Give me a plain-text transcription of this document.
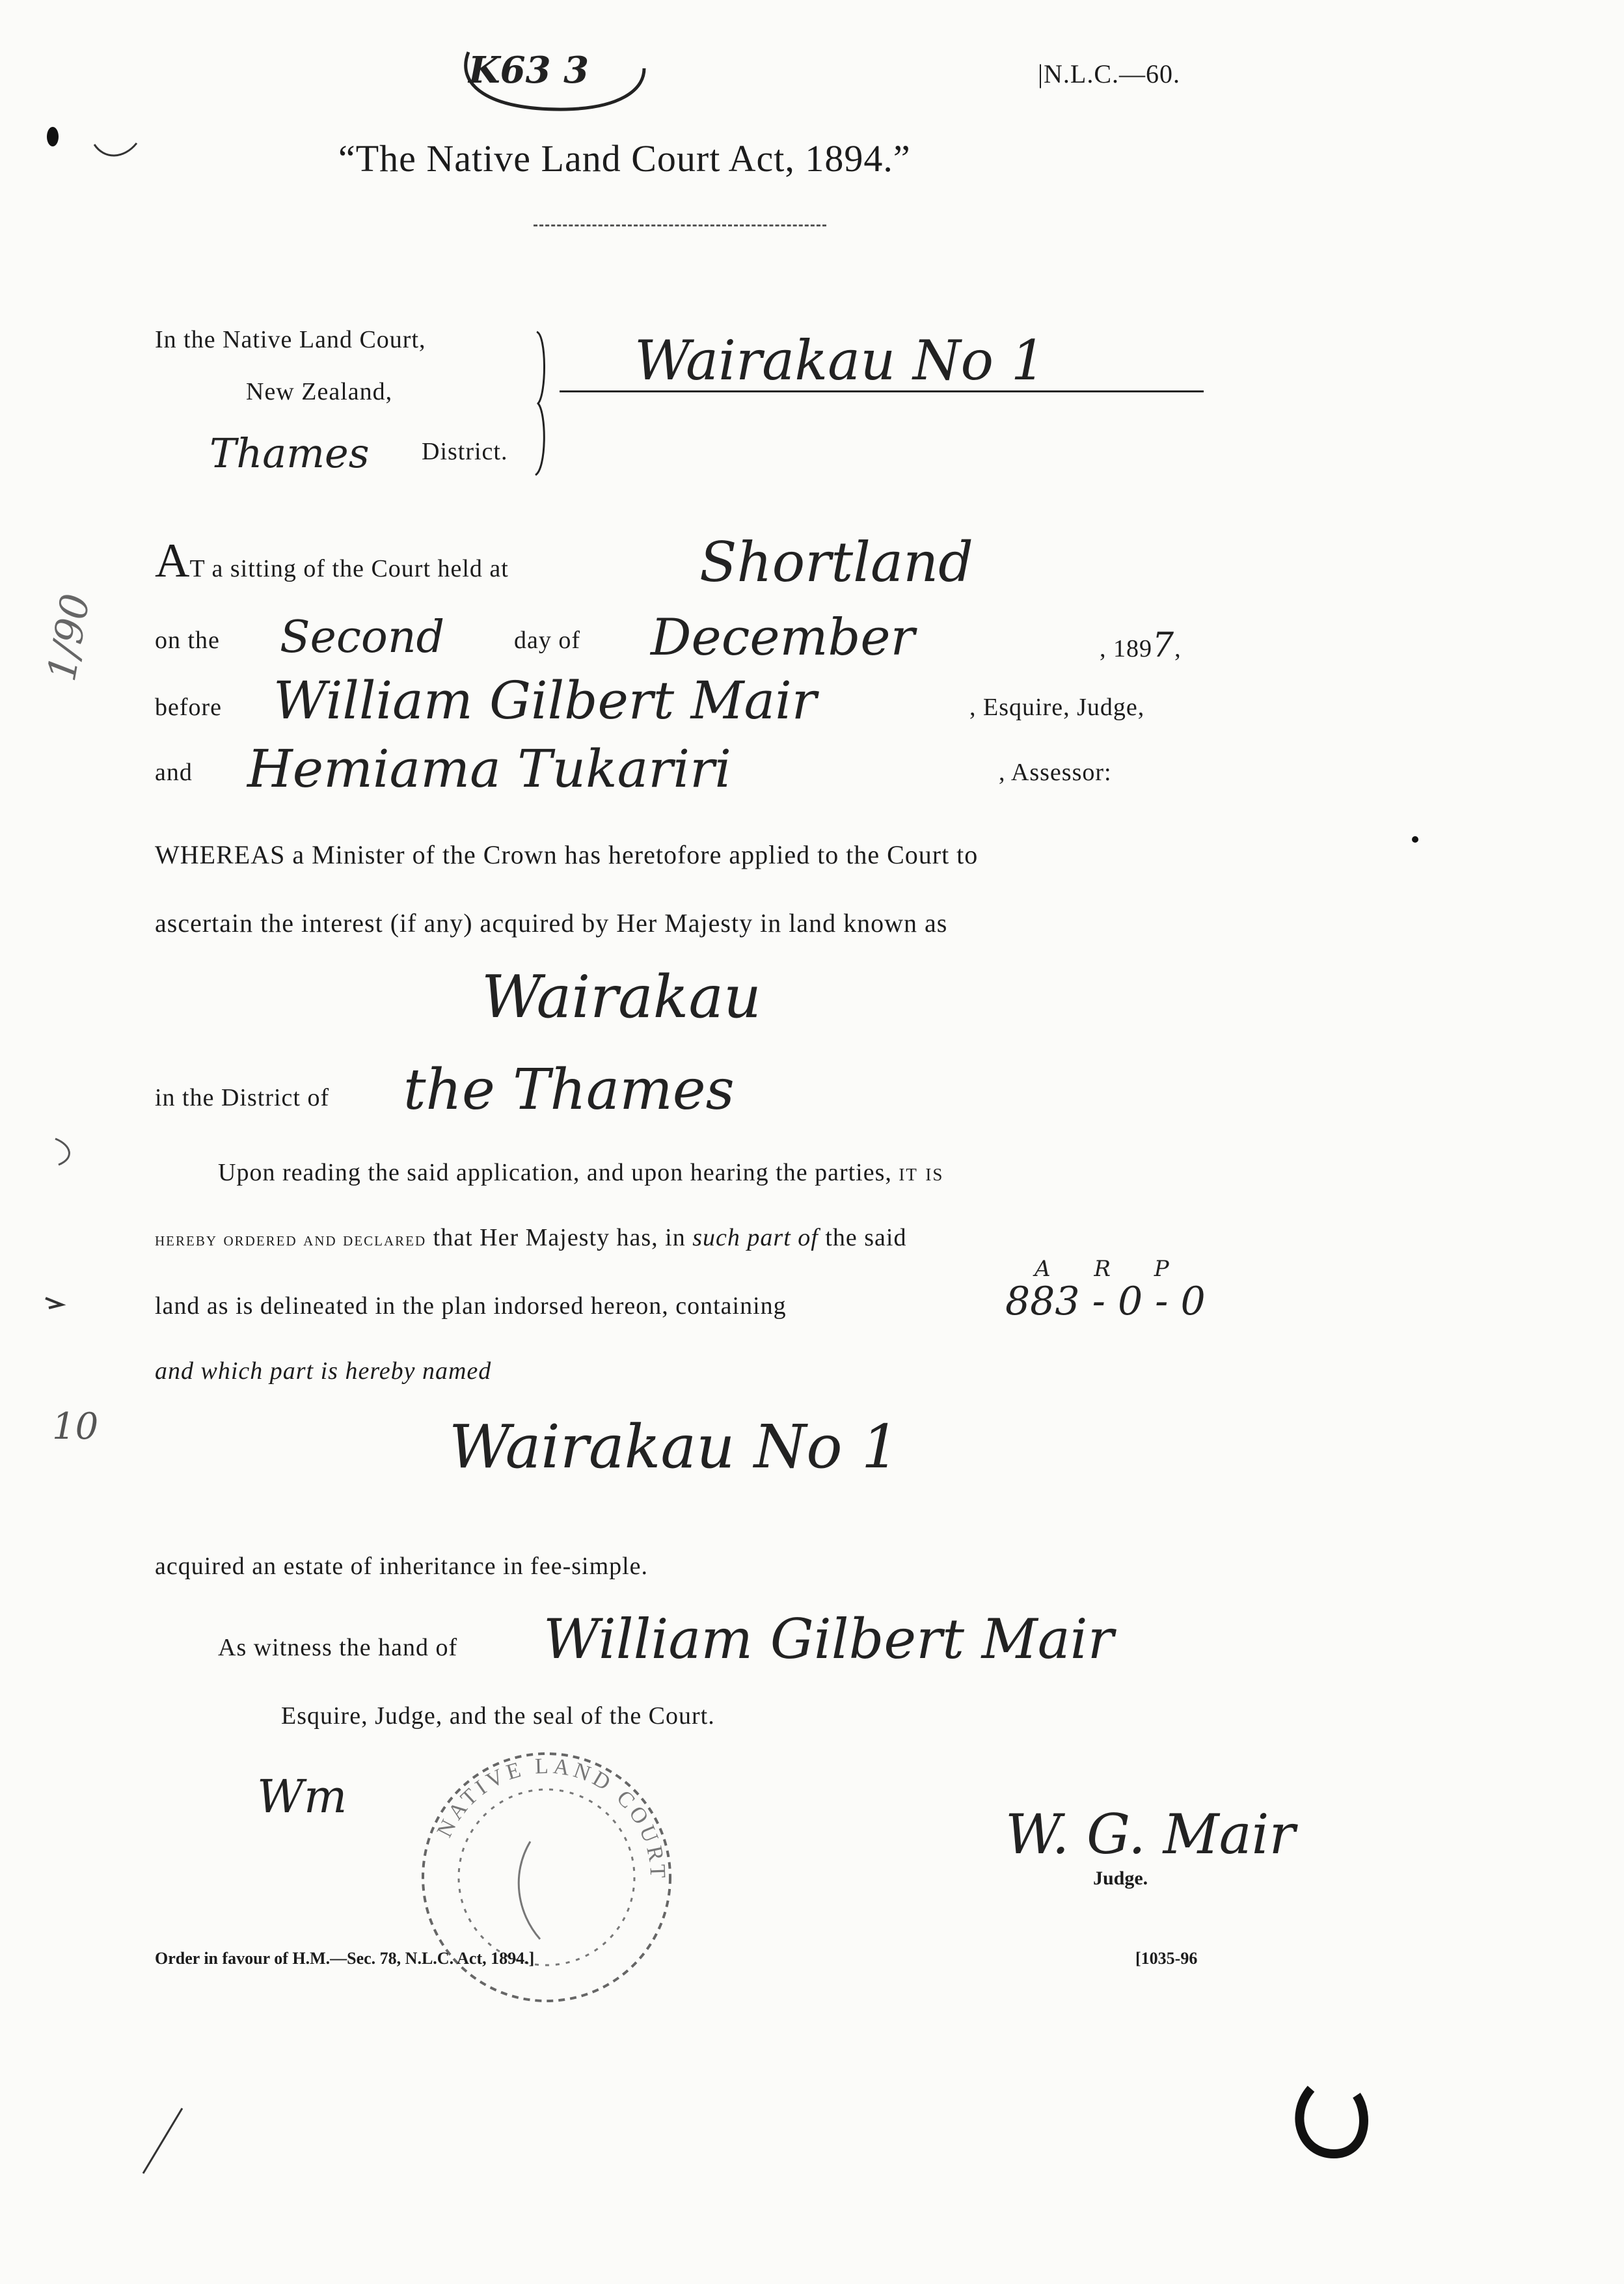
K63 3	|N.L.C.—60.
“The Native Land Court Act, 1894.”
In the Native Land Court,
New Zealand,
Thames District.
Wairakau No 1
AT a sitting of the Court held at	Shortland
on the Second	day of December	, 1897,
before William Gilbert Mair	, Esquire, Judge,
and Hemiama Tukariri	, Assessor:
WHEREAS a Minister of the Crown has heretofore applied to the Court to
ascertain the interest (if any) acquired by Her Majesty in land known as
Wairakau
in the District of the Thames
Upon reading the said application, and upon hearing the parties, it is
hereby ordered and declared that Her Majesty has, in such part of the said
A R P
land as is delineated in the plan indorsed hereon, containing	883 - 0 - 0
and which part is hereby named
Wairakau No 1
acquired an estate of inheritance in fee-simple.
As witness the hand of William Gilbert Mair
Esquire, Judge, and the seal of the Court.
Wm
NATIVE LAND COURT
W. G. Mair
Judge.
Order in favour of H.M.—Sec. 78, N.L.C. Act, 1894.]	[1035-96
1/90
10
